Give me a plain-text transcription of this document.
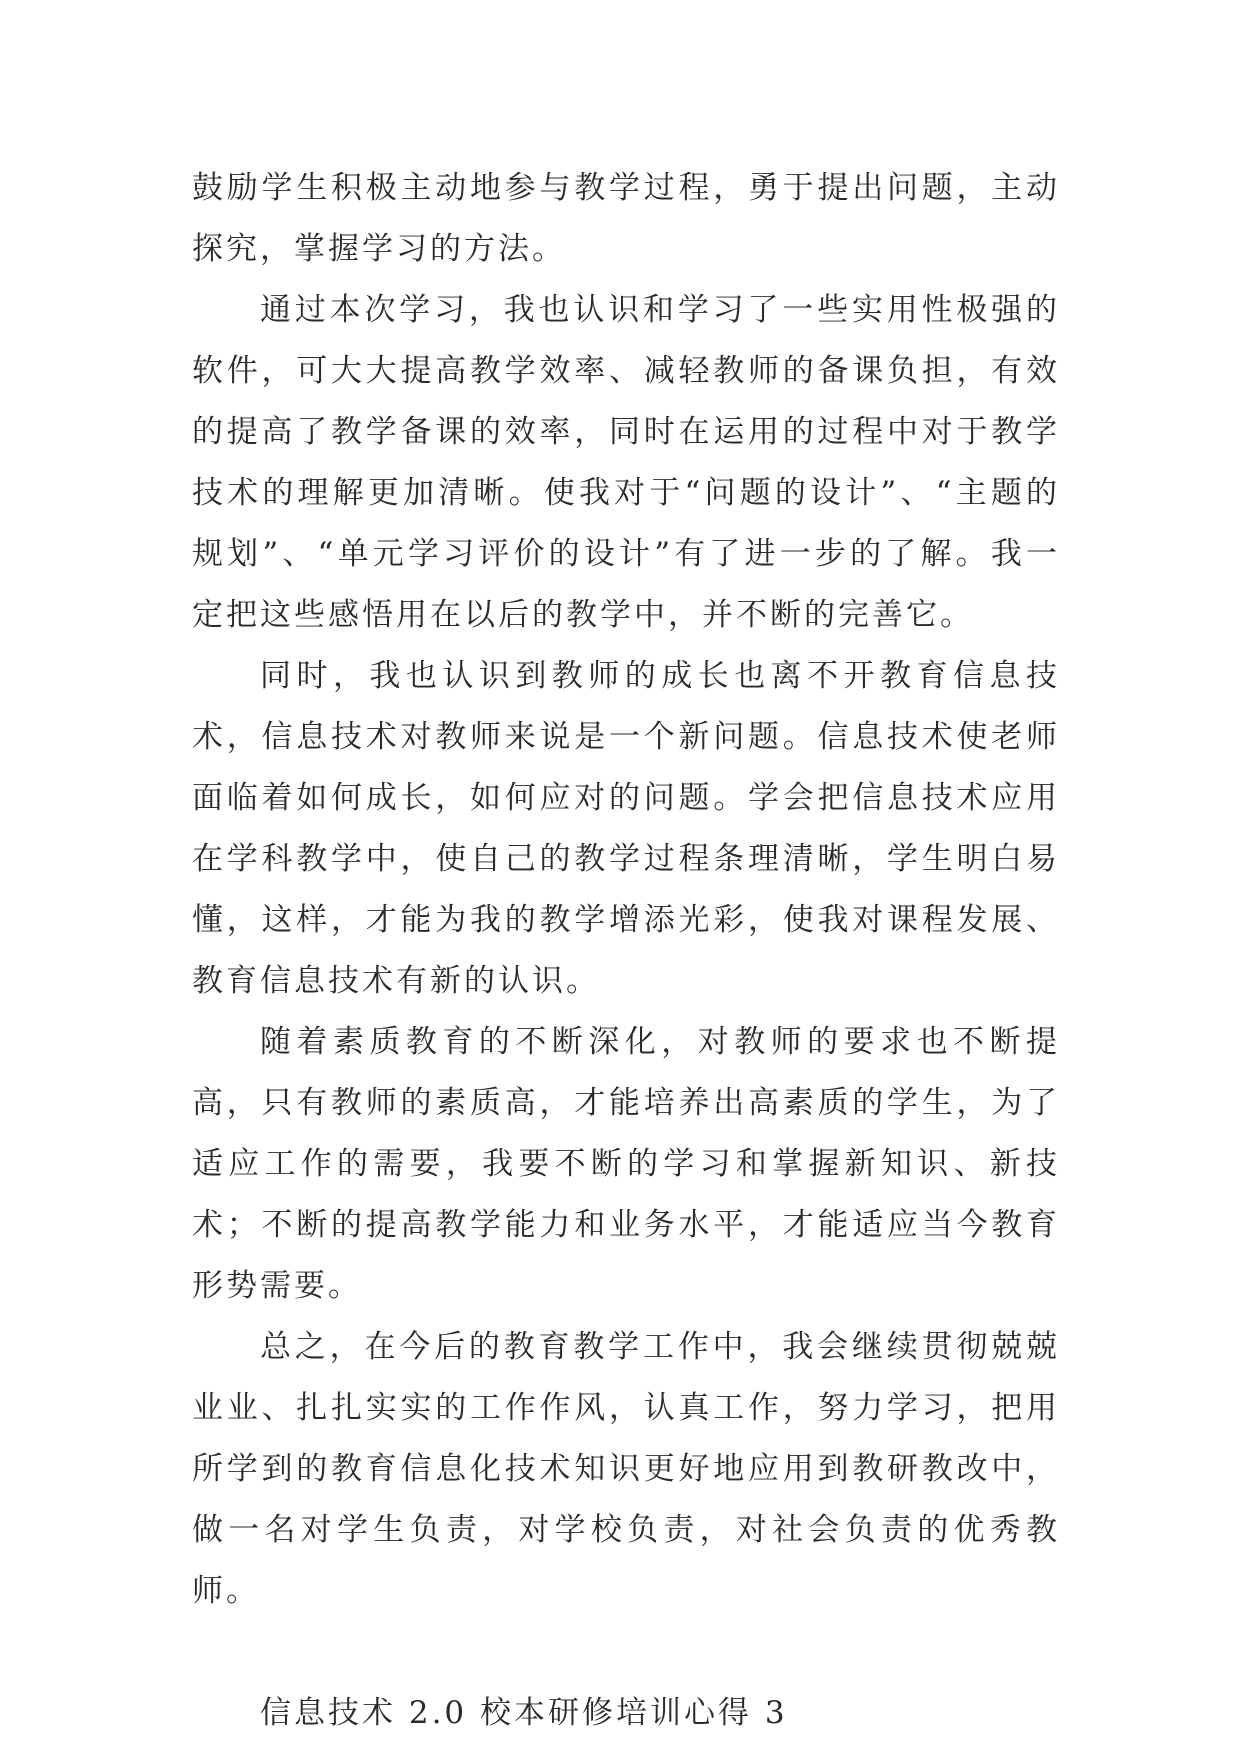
鼓励学生积极主动地参与教学过程，勇于提出问题，主动探究，掌握学习的方法。

通过本次学习，我也认识和学习了一些实用性极强的软件，可大大提高教学效率、减轻教师的备课负担，有效的提高了教学备课的效率，同时在运用的过程中对于教学技术的理解更加清晰。使我对于“问题的设计”、“主题的规划”、“单元学习评价的设计”有了进一步的了解。我一定把这些感悟用在以后的教学中，并不断的完善它。

同时，我也认识到教师的成长也离不开教育信息技术，信息技术对教师来说是一个新问题。信息技术使老师面临着如何成长，如何应对的问题。学会把信息技术应用在学科教学中，使自己的教学过程条理清晰，学生明白易懂，这样，才能为我的教学增添光彩，使我对课程发展、教育信息技术有新的认识。

随着素质教育的不断深化，对教师的要求也不断提高，只有教师的素质高，才能培养出高素质的学生，为了适应工作的需要，我要不断的学习和掌握新知识、新技术；不断的提高教学能力和业务水平，才能适应当今教育形势需要。

总之，在今后的教育教学工作中，我会继续贯彻兢兢业业、扎扎实实的工作作风，认真工作，努力学习，把用所学到的教育信息化技术知识更好地应用到教研教改中，做一名对学生负责，对学校负责，对社会负责的优秀教师。

信息技术 2.0 校本研修培训心得 3
